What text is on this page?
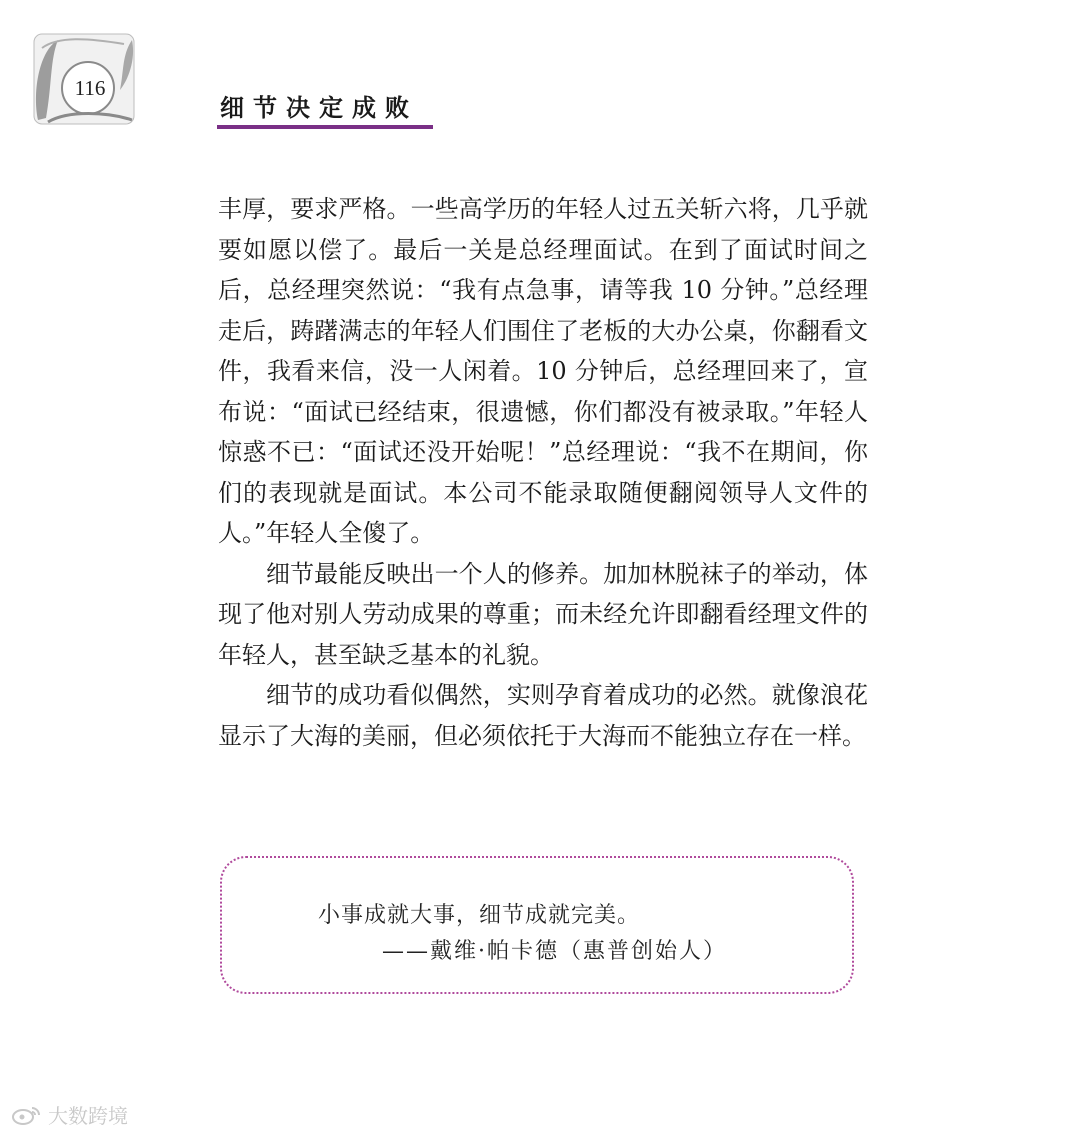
116
细节决定成败

丰厚，要求严格。一些高学历的年轻人过五关斩六将，几乎就要如愿以偿了。最后一关是总经理面试。在到了面试时间之后，总经理突然说：“我有点急事，请等我 10 分钟。”总经理走后，踌躇满志的年轻人们围住了老板的大办公桌，你翻看文件，我看来信，没一人闲着。10 分钟后，总经理回来了，宣布说：“面试已经结束，很遗憾，你们都没有被录取。”年轻人惊惑不已：“面试还没开始呢！”总经理说：“我不在期间，你们的表现就是面试。本公司不能录取随便翻阅领导人文件的人。”年轻人全傻了。

细节最能反映出一个人的修养。加加林脱袜子的举动，体现了他对别人劳动成果的尊重；而未经允许即翻看经理文件的年轻人，甚至缺乏基本的礼貌。

细节的成功看似偶然，实则孕育着成功的必然。就像浪花显示了大海的美丽，但必须依托于大海而不能独立存在一样。

小事成就大事，细节成就完美。
——戴维·帕卡德（惠普创始人）
大数跨境
